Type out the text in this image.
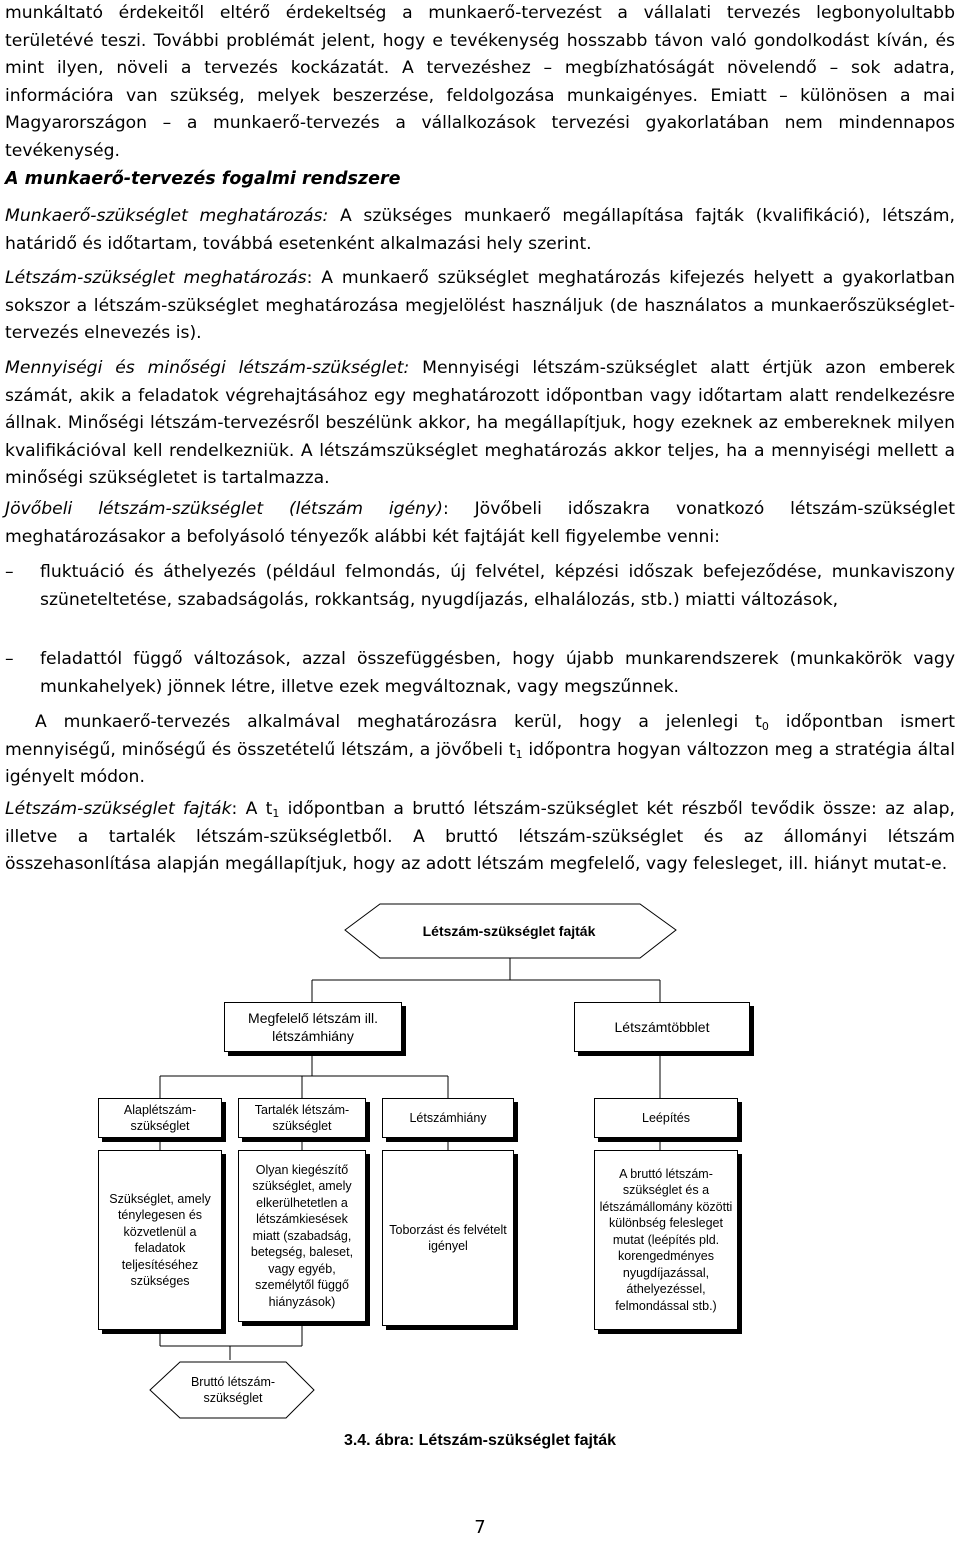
munkáltató érdekeitől eltérő érdekeltség a munkaerő-tervezést a vállalati tervezés legbonyolultabb területévé teszi. További problémát jelent, hogy e tevékenység hosszabb távon való gondolkodást kíván, és mint ilyen, növeli a tervezés kockázatát. A tervezéshez – megbízhatóságát növelendő – sok adatra, információra van szükség, melyek beszerzése, feldolgozása munkaigényes. Emiatt – különösen a mai Magyarországon – a munkaerő-tervezés a vállalkozások tervezési gyakorlatában nem mindennapos tevékenység.

A munkaerő-tervezés fogalmi rendszere

Munkaerő-szükséglet meghatározás: A szükséges munkaerő megállapítása fajták (kvalifikáció), létszám, határidő és időtartam, továbbá esetenként alkalmazási hely szerint.

Létszám-szükséglet meghatározás: A munkaerő szükséglet meghatározás kifejezés helyett a gyakorlatban sokszor a létszám-szükséglet meghatározása megjelölést használjuk (de használatos a munkaerőszükséglet-tervezés elnevezés is).

Mennyiségi és minőségi létszám-szükséglet: Mennyiségi létszám-szükséglet alatt értjük azon emberek számát, akik a feladatok végrehajtásához egy meghatározott időpontban vagy időtartam alatt rendelkezésre állnak. Minőségi létszám-tervezésről beszélünk akkor, ha megállapítjuk, hogy ezeknek az embereknek milyen kvalifikációval kell rendelkezniük. A létszámszükséglet meghatározás akkor teljes, ha a mennyiségi mellett a minőségi szükségletet is tartalmazza.

Jövőbeli létszám-szükséglet (létszám igény): Jövőbeli időszakra vonatkozó létszám-szükséglet meghatározásakor a befolyásoló tényezők alábbi két fajtáját kell figyelembe venni:

– fluktuáció és áthelyezés (például felmondás, új felvétel, képzési időszak befejeződése, munkaviszony szüneteltetése, szabadságolás, rokkantság, nyugdíjazás, elhalálozás, stb.) miatti változások,

– feladattól függő változások, azzal összefüggésben, hogy újabb munkarendszerek (munkakörök vagy munkahelyek) jönnek létre, illetve ezek megváltoznak, vagy megszűnnek.

A munkaerő-tervezés alkalmával meghatározásra kerül, hogy a jelenlegi $t_0$ időpontban ismert mennyiségű, minőségű és összetételű létszám, a jövőbeli $t_1$ időpontra hogyan változzon meg a stratégia által igényelt módon.

Létszám-szükséglet fajták: A $t_1$ időpontban a bruttó létszám-szükséglet két részből tevődik össze: az alap, illetve a tartalék létszám-szükségletből. A bruttó létszám-szükséglet és az állományi létszám összehasonlítása alapján megállapítjuk, hogy az adott létszám megfelelő, vagy felesleget, ill. hiányt mutat-e.

Létszám-szükséglet fajták
Megfelelő létszám ill. létszámhiány
Létszámtöbblet
Alaplétszám-szükséglet
Tartalék létszám-szükséglet
Létszámhiány	Leépítés
Szükséglet, amely ténylegesen és közvetlenül a feladatok teljesítéséhez szükséges
Olyan kiegészítő szükséglet, amely elkerülhetetlen a létszámkiesések miatt (szabadság, betegség, baleset, vagy egyéb, személytől függő hiányzások)
Toborzást és felvételt igényel
A bruttó létszám-szükséglet és a létszámállomány közötti különbség felesleget mutat (leépítés pld. korengedményes nyugdíjazással, áthelyezéssel, felmondással stb.)
Bruttó létszám-szükséglet
3.4. ábra: Létszám-szükséglet fajták
7
